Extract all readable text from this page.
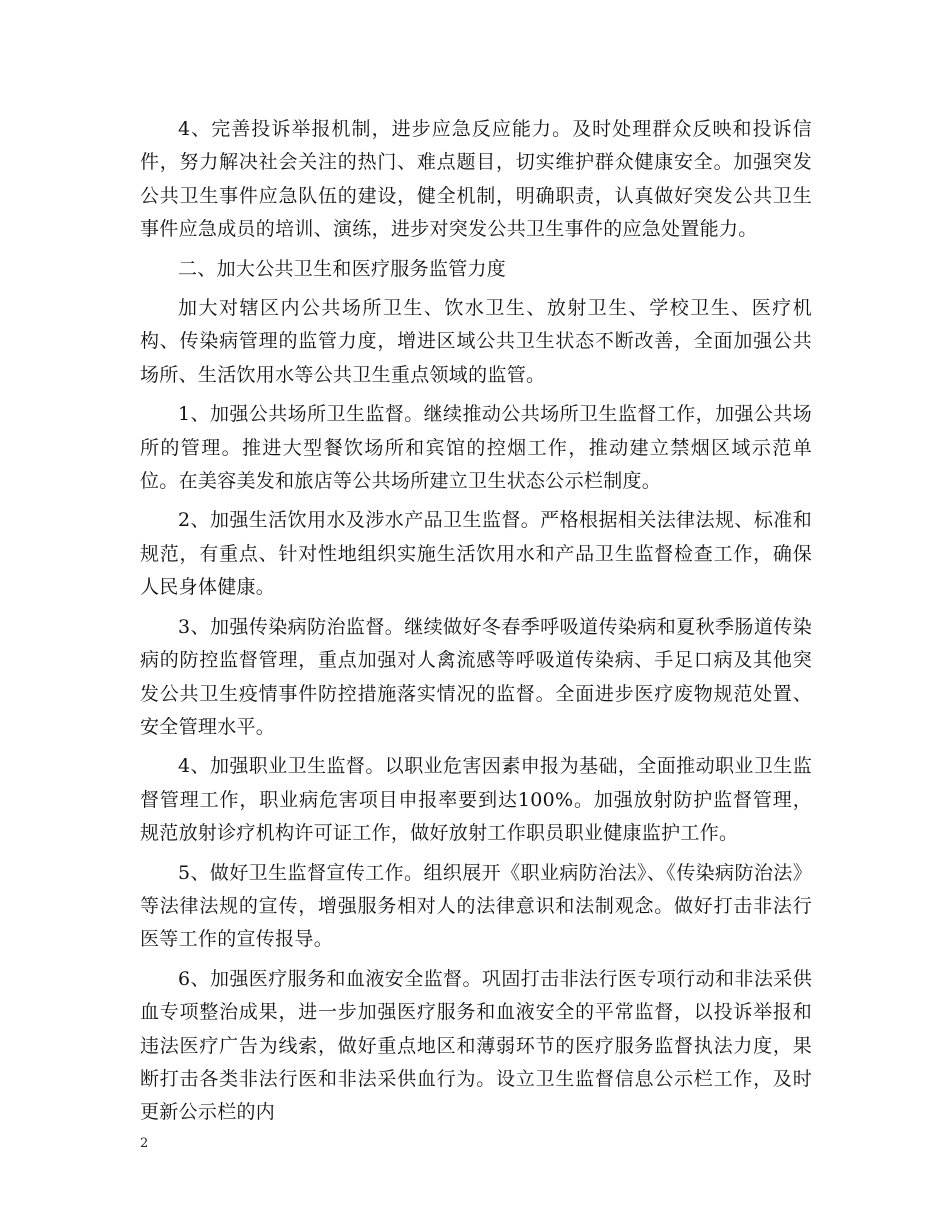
4、完善投诉举报机制，进步应急反应能力。及时处理群众反映和投诉信件，努力解决社会关注的热门、难点题目，切实维护群众健康安全。加强突发公共卫生事件应急队伍的建设，健全机制，明确职责，认真做好突发公共卫生事件应急成员的培训、演练，进步对突发公共卫生事件的应急处置能力。

二、加大公共卫生和医疗服务监管力度

加大对辖区内公共场所卫生、饮水卫生、放射卫生、学校卫生、医疗机构、传染病管理的监管力度，增进区域公共卫生状态不断改善，全面加强公共场所、生活饮用水等公共卫生重点领域的监管。

1、加强公共场所卫生监督。继续推动公共场所卫生监督工作，加强公共场所的管理。推进大型餐饮场所和宾馆的控烟工作，推动建立禁烟区域示范单位。在美容美发和旅店等公共场所建立卫生状态公示栏制度。

2、加强生活饮用水及涉水产品卫生监督。严格根据相关法律法规、标准和规范，有重点、针对性地组织实施生活饮用水和产品卫生监督检查工作，确保人民身体健康。

3、加强传染病防治监督。继续做好冬春季呼吸道传染病和夏秋季肠道传染病的防控监督管理，重点加强对人禽流感等呼吸道传染病、手足口病及其他突发公共卫生疫情事件防控措施落实情况的监督。全面进步医疗废物规范处置、安全管理水平。

4、加强职业卫生监督。以职业危害因素申报为基础，全面推动职业卫生监督管理工作，职业病危害项目申报率要到达100%。加强放射防护监督管理，规范放射诊疗机构许可证工作，做好放射工作职员职业健康监护工作。

5、做好卫生监督宣传工作。组织展开《职业病防治法》、《传染病防治法》等法律法规的宣传，增强服务相对人的法律意识和法制观念。做好打击非法行医等工作的宣传报导。

6、加强医疗服务和血液安全监督。巩固打击非法行医专项行动和非法采供血专项整治成果，进一步加强医疗服务和血液安全的平常监督，以投诉举报和违法医疗广告为线索，做好重点地区和薄弱环节的医疗服务监督执法力度，果断打击各类非法行医和非法采供血行为。设立卫生监督信息公示栏工作，及时更新公示栏的内

2
